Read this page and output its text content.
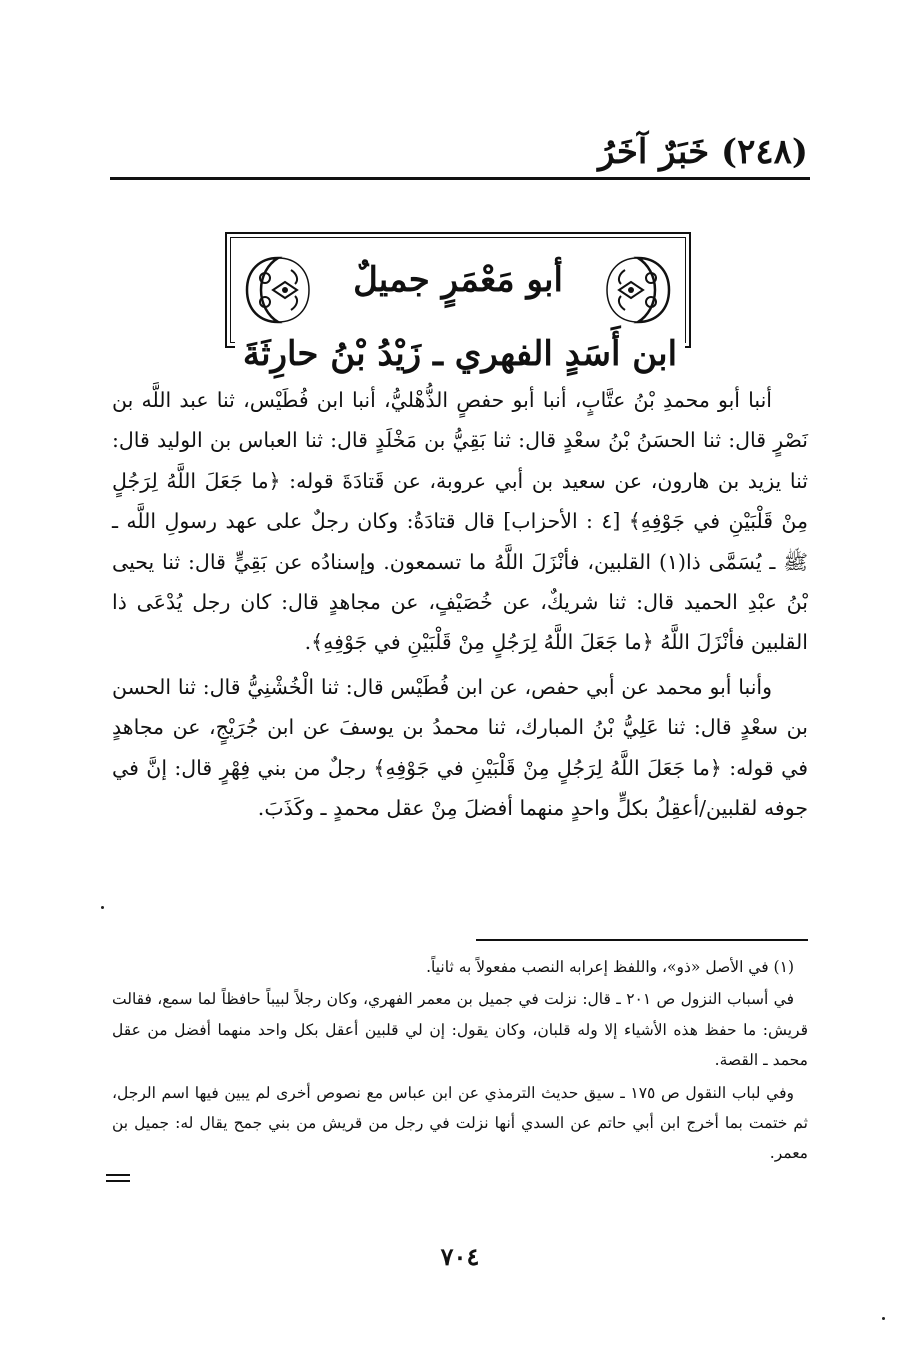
(٢٤٨) خَبَرٌ آخَرُ
أبو مَعْمَرٍ جميلٌ
ابن أَسَدٍ الفهري ـ زَيْدُ بْنُ حارِثَةَ

أنبا أبو محمدِ بْنُ عتَّابٍ، أنبا أبو حفصٍ الذُّهْليُّ، أنبا ابن فُطَيْس، ثنا عبد اللَّه بن نَصْرٍ قال: ثنا الحسَنُ بْنُ سعْدٍ قال: ثنا بَقِيُّ بن مَخْلَدٍ قال: ثنا العباس بن الوليد قال: ثنا يزيد بن هارون، عن سعيد بن أبي عروبة، عن قَتادَةَ قوله: ﴿ما جَعَلَ اللَّهُ لِرَجُلٍ مِنْ قَلْبَيْنِ في جَوْفِهِ﴾ [٤ : الأحزاب] قال قتادَةُ: وكان رجلٌ على عهد رسولِ اللَّه ـ ﷺ ـ يُسَمَّى ذا(١) القلبين، فأنْزَلَ اللَّهُ ما تسمعون. وإسنادُه عن بَقِيٍّ قال: ثنا يحيى بْنُ عبْدِ الحميد قال: ثنا شريكٌ، عن خُصَيْفٍ، عن مجاهدٍ قال: كان رجل يُدْعَى ذا القلبين فأنْزَلَ اللَّهُ ﴿ما جَعَلَ اللَّهُ لِرَجُلٍ مِنْ قَلْبَيْنِ في جَوْفِهِ﴾.

وأنبا أبو محمد عن أبي حفص، عن ابن فُطَيْس قال: ثنا الْخُشْنِيُّ قال: ثنا الحسن بن سعْدٍ قال: ثنا عَلِيُّ بْنُ المبارك، ثنا محمدُ بن يوسفَ عن ابن جُرَيْجٍ، عن مجاهدٍ في قوله: ﴿ما جَعَلَ اللَّهُ لِرَجُلٍ مِنْ قَلْبَيْنِ في جَوْفِهِ﴾ رجلٌ من بني فِهْرٍ قال: إنَّ في جوفه لقلبين/أعقِلُ بكلٍّ واحدٍ منهما أفضلَ مِنْ عقل محمدٍ ـ وكَذَبَ.

(١) في الأصل «ذو»، واللفظ إعرابه النصب مفعولاً به ثانياً.

في أسباب النزول ص ٢٠١ ـ قال: نزلت في جميل بن معمر الفهري، وكان رجلاً لبيباً حافظاً لما سمع، فقالت قريش: ما حفظ هذه الأشياء إلا وله قلبان، وكان يقول: إن لي قلبين أعقل بكل واحد منهما أفضل من عقل محمد ـ القصة.

وفي لباب النقول ص ١٧٥ ـ سيق حديث الترمذي عن ابن عباس مع نصوص أخرى لم يبين فيها اسم الرجل، ثم ختمت بما أخرج ابن أبي حاتم عن السدي أنها نزلت في رجل من قريش من بني جمح يقال له: جميل بن معمر.

٧٠٤
